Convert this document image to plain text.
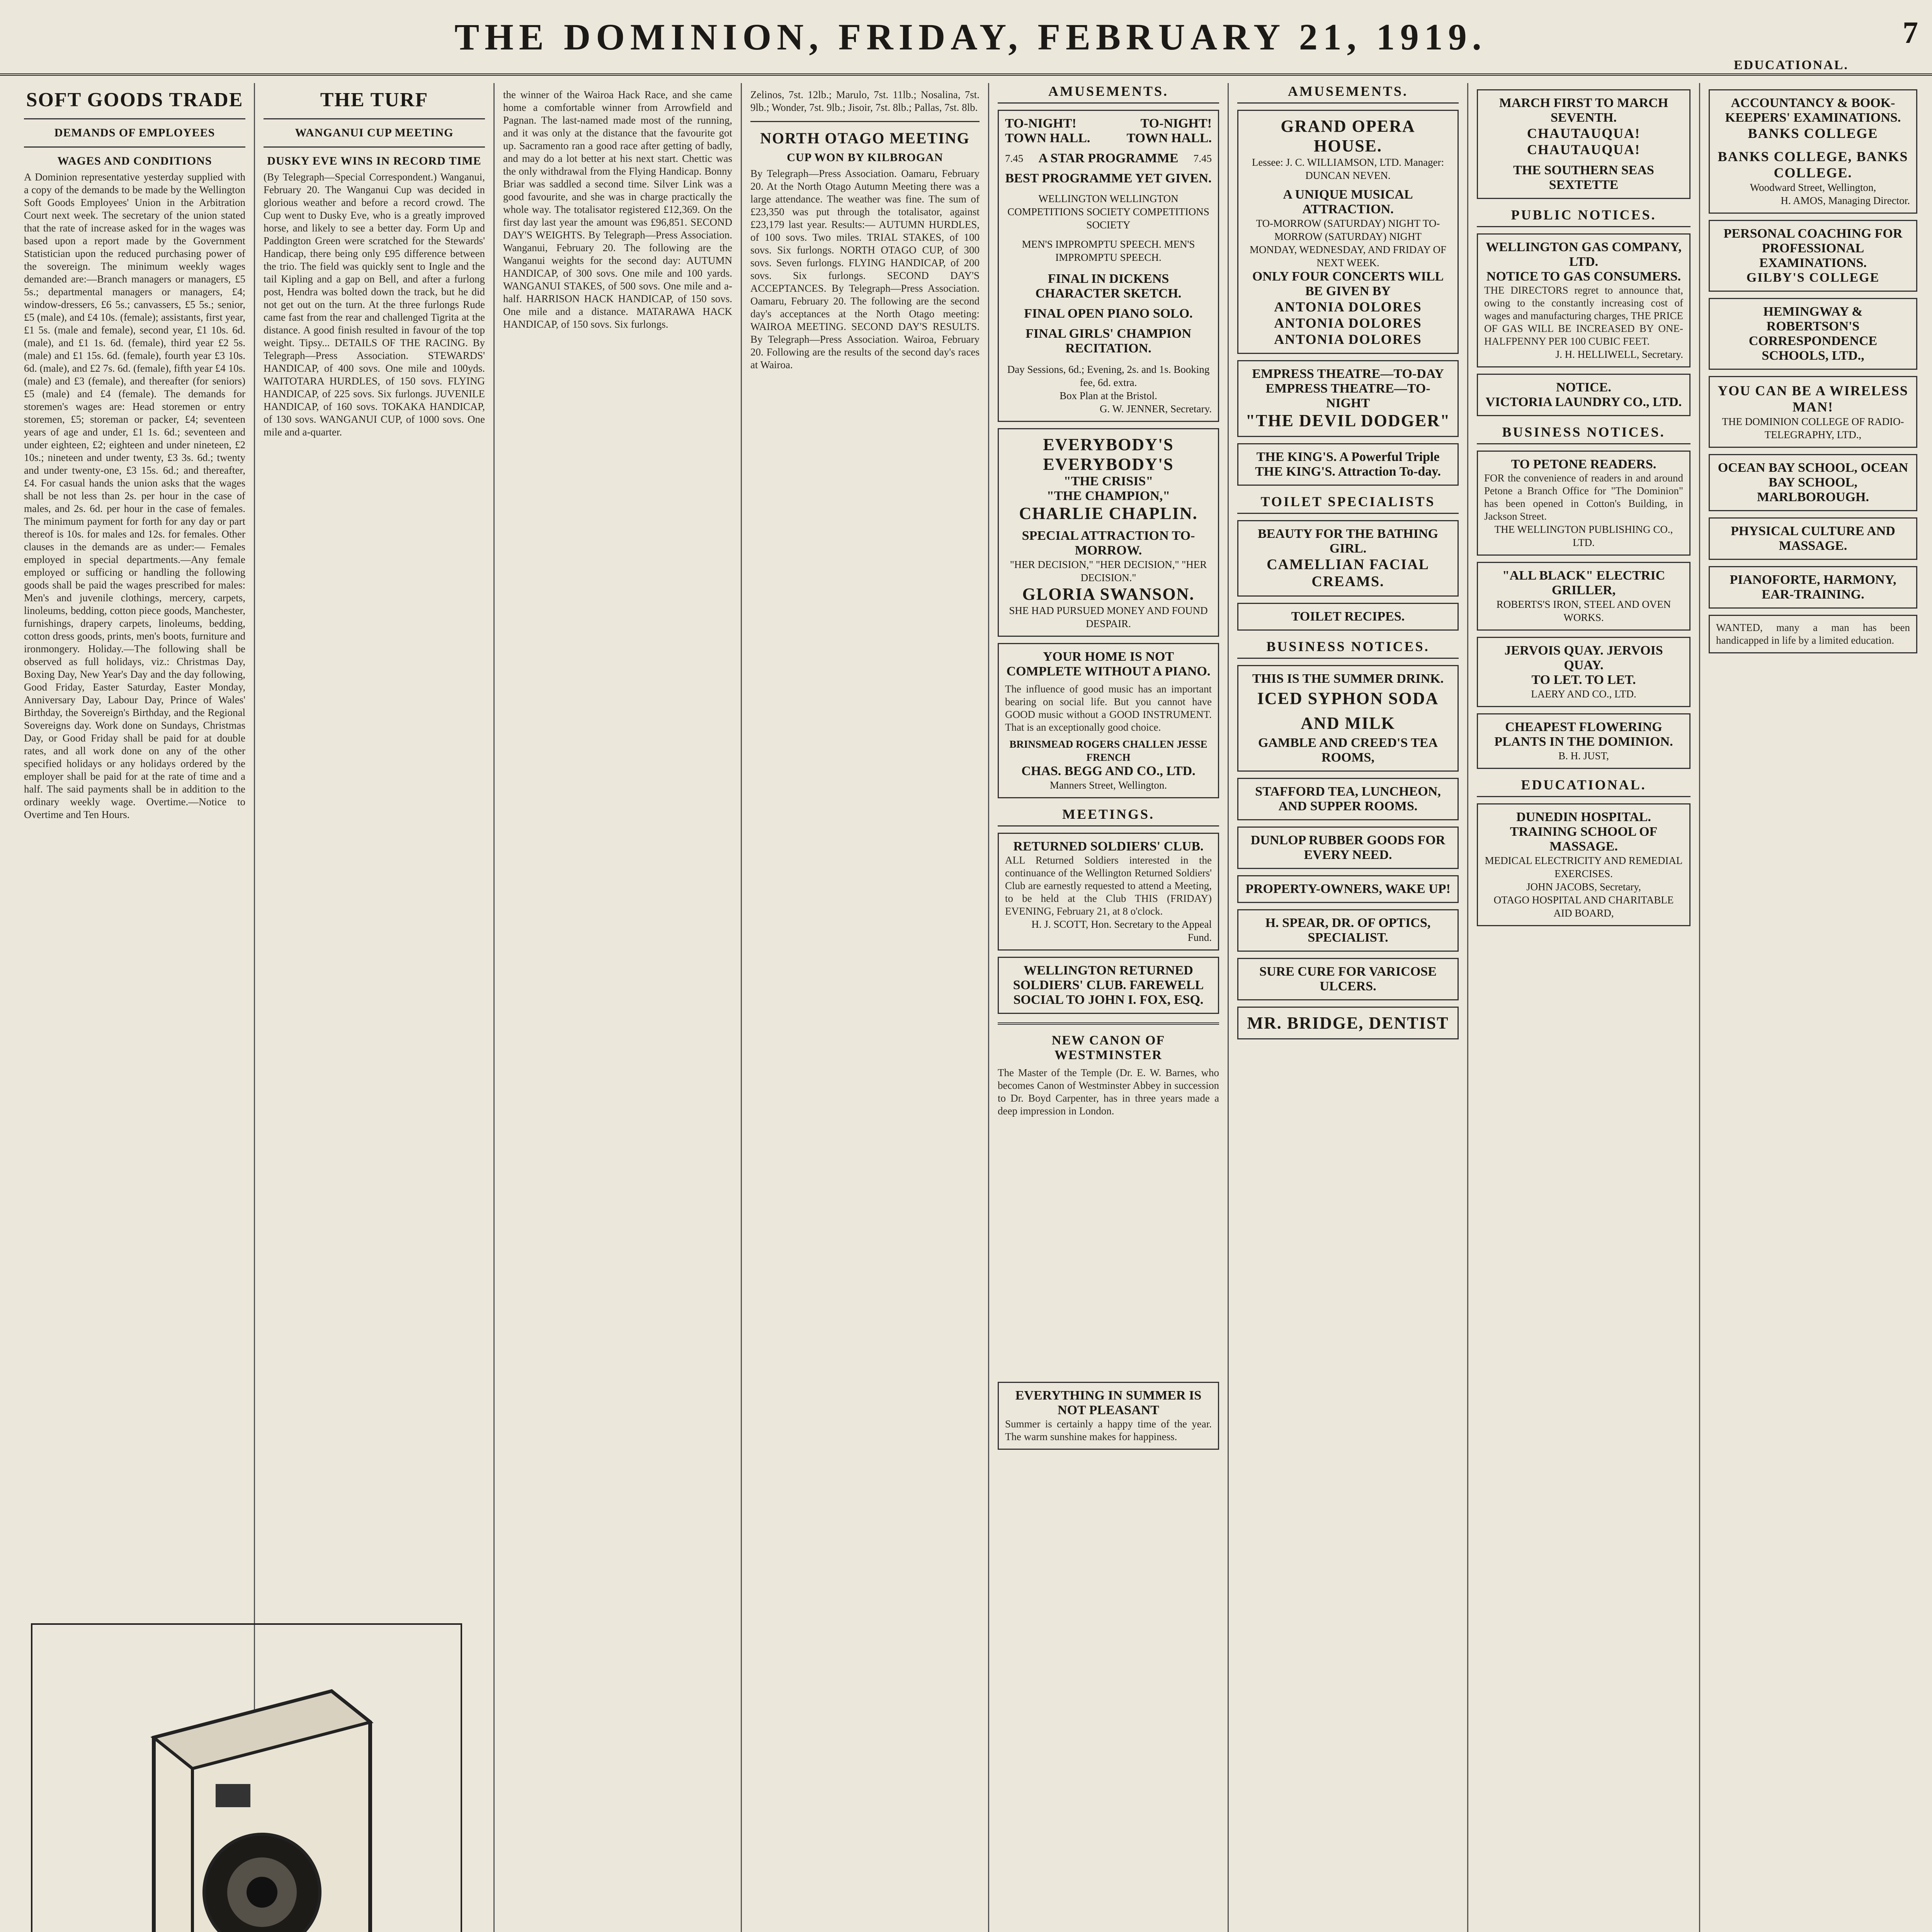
THE DOMINION, FRIDAY, FEBRUARY 21, 1919.	7
EDUCATIONAL.
SOFT GOODS TRADE
DEMANDS OF EMPLOYEES
WAGES AND CONDITIONS
A Dominion representative yesterday supplied with a copy of the demands to be made by the Wellington Soft Goods Employees' Union in the Arbitration Court next week. The secretary of the union stated that the rate of increase asked for in the wages was based upon a report made by the Government Statistician upon the reduced purchasing power of the sovereign. The minimum weekly wages demanded are:—Branch managers or managers, £5 5s.; departmental managers or managers, £4; window-dressers, £6 5s.; canvassers, £5 5s.; senior, £5 (male), and £4 10s. (female); assistants, first year, £1 5s. (male and female), second year, £1 10s. 6d. (male), and £1 1s. 6d. (female), third year £2 5s. (male) and £1 15s. 6d. (female), fourth year £3 10s. 6d. (male), and £2 7s. 6d. (female), fifth year £4 10s. (male) and £3 (female), and thereafter (for seniors) £5 (male) and £4 (female). The demands for storemen's wages are: Head storemen or entry storemen, £5; storeman or packer, £4; seventeen years of age and under, £1 1s. 6d.; seventeen and under eighteen, £2; eighteen and under nineteen, £2 10s.; nineteen and under twenty, £3 3s. 6d.; twenty and under twenty-one, £3 15s. 6d.; and thereafter, £4. For casual hands the union asks that the wages shall be not less than 2s. per hour in the case of males, and 2s. 6d. per hour in the case of females. The minimum payment for forth for any day or part thereof is 10s. for males and 12s. for females. Other clauses in the demands are as under:— Females employed in special departments.—Any female employed or sufficing or handling the following goods shall be paid the wages prescribed for males: Men's and juvenile clothings, mercery, carpets, linoleums, bedding, cotton piece goods, Manchester, furnishings, drapery carpets, linoleums, bedding, cotton dress goods, prints, men's boots, furniture and ironmongery. Holiday.—The following shall be observed as full holidays, viz.: Christmas Day, Boxing Day, New Year's Day and the day following, Good Friday, Easter Saturday, Easter Monday, Anniversary Day, Labour Day, Prince of Wales' Birthday, the Sovereign's Birthday, and the Regional Sovereigns day. Work done on Sundays, Christmas Day, or Good Friday shall be paid for at double rates, and all work done on any of the other specified holidays or any holidays ordered by the employer shall be paid for at the rate of time and a half. The said payments shall be in addition to the ordinary weekly wage. Overtime.—Notice to Overtime and Ten Hours.
THE TURF
WANGANUI CUP MEETING
DUSKY EVE WINS IN RECORD TIME
(By Telegraph—Special Correspondent.) Wanganui, February 20. The Wanganui Cup was decided in glorious weather and before a record crowd. The Cup went to Dusky Eve, who is a greatly improved horse, and likely to see a better day. Form Up and Paddington Green were scratched for the Stewards' Handicap, there being only £95 difference between the trio. The field was quickly sent to Ingle and the tail Kipling and a gap on Bell, and after a furlong post, Hendra was bolted down the track, but he did not get out on the turn. At the three furlongs Rude came fast from the rear and challenged Tigrita at the distance. A good finish resulted in favour of the top weight. Tipsy... DETAILS OF THE RACING. By Telegraph—Press Association. STEWARDS' HANDICAP, of 400 sovs. One mile and 100yds. WAITOTARA HURDLES, of 150 sovs. FLYING HANDICAP, of 225 sovs. Six furlongs. JUVENILE HANDICAP, of 160 sovs. TOKAKA HANDICAP, of 130 sovs. WANGANUI CUP, of 1000 sovs. One mile and a-quarter.
the winner of the Wairoa Hack Race, and she came home a comfortable winner from Arrowfield and Pagnan. The last-named made most of the running, and it was only at the distance that the favourite got up. Sacramento ran a good race after getting of badly, and may do a lot better at his next start. Chettic was the only withdrawal from the Flying Handicap. Bonny Briar was saddled a second time. Silver Link was a good favourite, and she was in charge practically the whole way. The totalisator registered £12,369. On the first day last year the amount was £96,851. SECOND DAY'S WEIGHTS. By Telegraph—Press Association. Wanganui, February 20. The following are the Wanganui weights for the second day: AUTUMN HANDICAP, of 300 sovs. One mile and 100 yards. WANGANUI STAKES, of 500 sovs. One mile and a-half. HARRISON HACK HANDICAP, of 150 sovs. One mile and a distance. MATARAWA HACK HANDICAP, of 150 sovs. Six furlongs.
Zelinos, 7st. 12lb.; Marulo, 7st. 11lb.; Nosalina, 7st. 9lb.; Wonder, 7st. 9lb.; Jisoir, 7st. 8lb.; Pallas, 7st. 8lb.
NORTH OTAGO MEETING
CUP WON BY KILBROGAN
By Telegraph—Press Association. Oamaru, February 20. At the North Otago Autumn Meeting there was a large attendance. The weather was fine. The sum of £23,350 was put through the totalisator, against £23,179 last year. Results:— AUTUMN HURDLES, of 100 sovs. Two miles. TRIAL STAKES, of 100 sovs. Six furlongs. NORTH OTAGO CUP, of 300 sovs. Seven furlongs. FLYING HANDICAP, of 200 sovs. Six furlongs. SECOND DAY'S ACCEPTANCES. By Telegraph—Press Association. Oamaru, February 20. The following are the second day's acceptances at the North Otago meeting: WAIROA MEETING. SECOND DAY'S RESULTS. By Telegraph—Press Association. Wairoa, February 20. Following are the results of the second day's races at Wairoa.
AMUSEMENTS.
TO-NIGHT!	TO-NIGHT!
TOWN HALL.	TOWN HALL.
7.45 A STAR PROGRAMME 7.45
BEST PROGRAMME YET GIVEN.
WELLINGTON WELLINGTON
COMPETITIONS SOCIETY COMPETITIONS SOCIETY
MEN'S IMPROMPTU SPEECH. MEN'S IMPROMPTU SPEECH.
FINAL IN DICKENS CHARACTER SKETCH.
FINAL OPEN PIANO SOLO.
FINAL GIRLS' CHAMPION RECITATION.
Day Sessions, 6d.; Evening, 2s. and 1s. Booking fee, 6d. extra.
Box Plan at the Bristol.
G. W. JENNER, Secretary.
EVERYBODY'S EVERYBODY'S
"THE CRISIS"
"THE CHAMPION,"
CHARLIE CHAPLIN.
SPECIAL ATTRACTION TO-MORROW.
"HER DECISION," "HER DECISION," "HER DECISION."
GLORIA SWANSON.
SHE HAD PURSUED MONEY AND FOUND DESPAIR.
YOUR HOME IS NOT COMPLETE WITHOUT A PIANO.
The influence of good music has an important bearing on social life. But you cannot have GOOD music without a GOOD INSTRUMENT. That is an exceptionally good choice.
BRINSMEAD ROGERS CHALLEN JESSE FRENCH
CHAS. BEGG AND CO., LTD.
Manners Street, Wellington.
MEETINGS.
RETURNED SOLDIERS' CLUB.
ALL Returned Soldiers interested in the continuance of the Wellington Returned Soldiers' Club are earnestly requested to attend a Meeting, to be held at the Club THIS (FRIDAY) EVENING, February 21, at 8 o'clock.
H. J. SCOTT, Hon. Secretary to the Appeal Fund.
WELLINGTON RETURNED SOLDIERS' CLUB. FAREWELL SOCIAL TO JOHN I. FOX, ESQ.
NEW CANON OF WESTMINSTER
The Master of the Temple (Dr. E. W. Barnes, who becomes Canon of Westminster Abbey in succession to Dr. Boyd Carpenter, has in three years made a deep impression in London.
EVERYTHING IN SUMMER IS NOT PLEASANT
Summer is certainly a happy time of the year. The warm sunshine makes for happiness.
AMUSEMENTS.
GRAND OPERA HOUSE.
Lessee: J. C. WILLIAMSON, LTD. Manager: DUNCAN NEVEN.
A UNIQUE MUSICAL ATTRACTION.
TO-MORROW (SATURDAY) NIGHT TO-MORROW (SATURDAY) NIGHT
MONDAY, WEDNESDAY, AND FRIDAY OF NEXT WEEK.
ONLY FOUR CONCERTS WILL BE GIVEN BY
ANTONIA DOLORES ANTONIA DOLORES ANTONIA DOLORES
EMPRESS THEATRE—TO-DAY EMPRESS THEATRE—TO-NIGHT
"THE DEVIL DODGER"
THE KING'S. A Powerful Triple THE KING'S. Attraction To-day.
TOILET SPECIALISTS
BEAUTY FOR THE BATHING GIRL.
CAMELLIAN FACIAL CREAMS.
TOILET RECIPES.
BUSINESS NOTICES.
THIS IS THE SUMMER DRINK.
ICED SYPHON SODA AND MILK
GAMBLE AND CREED'S TEA ROOMS,
STAFFORD TEA, LUNCHEON, AND SUPPER ROOMS.
DUNLOP RUBBER GOODS FOR EVERY NEED.
PROPERTY-OWNERS, WAKE UP!
H. SPEAR, DR. OF OPTICS, SPECIALIST.
SURE CURE FOR VARICOSE ULCERS.
MR. BRIDGE, DENTIST
MARCH FIRST TO MARCH SEVENTH.
CHAUTAUQUA! CHAUTAUQUA!
THE SOUTHERN SEAS SEXTETTE
PUBLIC NOTICES.
WELLINGTON GAS COMPANY, LTD.
NOTICE TO GAS CONSUMERS.
THE DIRECTORS regret to announce that, owing to the constantly increasing cost of wages and manufacturing charges, THE PRICE OF GAS WILL BE INCREASED BY ONE-HALFPENNY PER 100 CUBIC FEET.
J. H. HELLIWELL, Secretary.
NOTICE.
VICTORIA LAUNDRY CO., LTD.
BUSINESS NOTICES.
TO PETONE READERS.
FOR the convenience of readers in and around Petone a Branch Office for "The Dominion" has been opened in Cotton's Building, in Jackson Street.
THE WELLINGTON PUBLISHING CO., LTD.
"ALL BLACK" ELECTRIC GRILLER,
ROBERTS'S IRON, STEEL AND OVEN WORKS.
JERVOIS QUAY. JERVOIS QUAY.
TO LET. TO LET.
LAERY AND CO., LTD.
CHEAPEST FLOWERING PLANTS IN THE DOMINION.
B. H. JUST,
EDUCATIONAL.
DUNEDIN HOSPITAL.
TRAINING SCHOOL OF MASSAGE.
MEDICAL ELECTRICITY AND REMEDIAL EXERCISES.
JOHN JACOBS, Secretary,
OTAGO HOSPITAL AND CHARITABLE AID BOARD,
ACCOUNTANCY & BOOK-KEEPERS' EXAMINATIONS.
BANKS COLLEGE
BANKS COLLEGE, BANKS COLLEGE.
Woodward Street, Wellington,
H. AMOS, Managing Director.
PERSONAL COACHING FOR PROFESSIONAL EXAMINATIONS.
GILBY'S COLLEGE
HEMINGWAY & ROBERTSON'S CORRESPONDENCE SCHOOLS, LTD.,
YOU CAN BE A WIRELESS MAN!
THE DOMINION COLLEGE OF RADIO-TELEGRAPHY, LTD.,
OCEAN BAY SCHOOL, OCEAN BAY SCHOOL, MARLBOROUGH.
PHYSICAL CULTURE AND MASSAGE.
PIANOFORTE, HARMONY, EAR-TRAINING.
WANTED, many a man has been handicapped in life by a limited education.
